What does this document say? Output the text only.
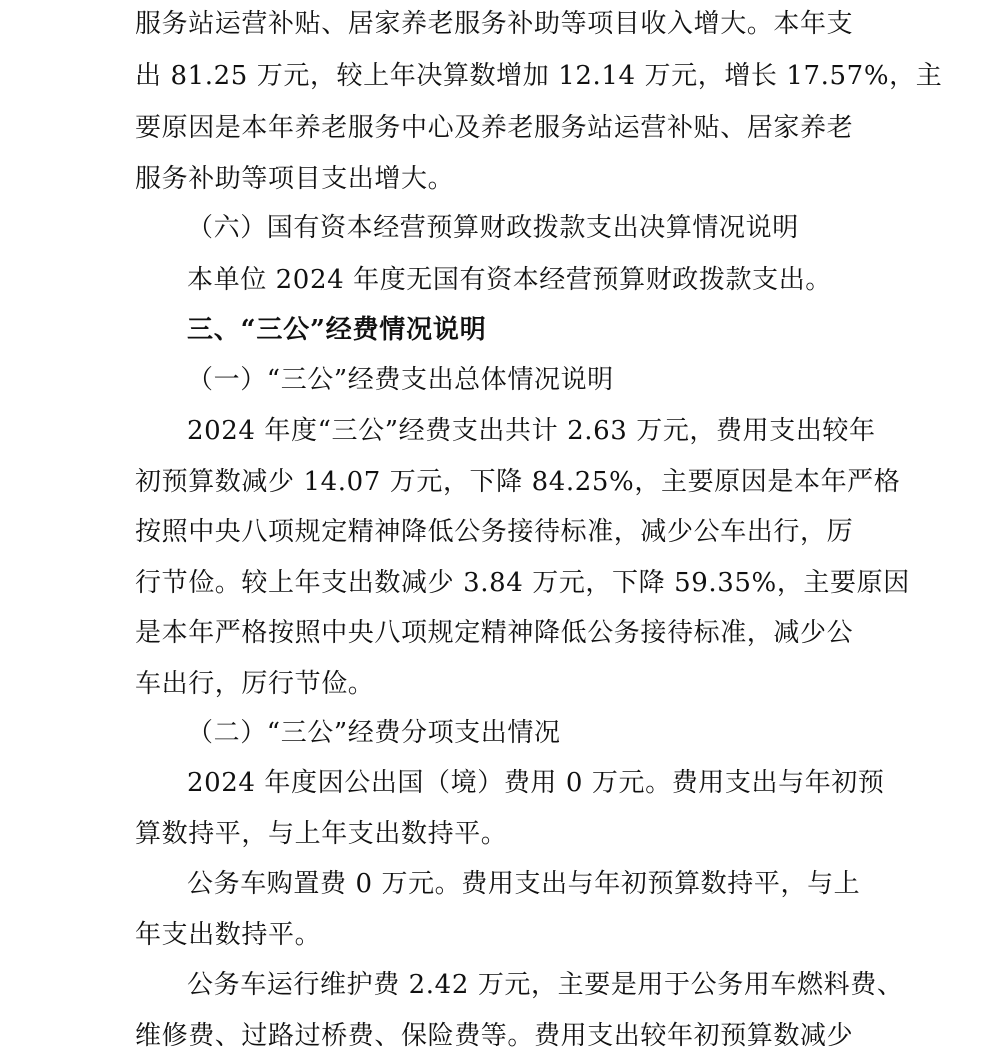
服务站运营补贴、居家养老服务补助等项目收入增大。本年支
出 81.25 万元，较上年决算数增加 12.14 万元，增长 17.57%，主
要原因是本年养老服务中心及养老服务站运营补贴、居家养老
服务补助等项目支出增大。
（六）国有资本经营预算财政拨款支出决算情况说明
本单位 2024 年度无国有资本经营预算财政拨款支出。
三、“三公”经费情况说明
（一）“三公”经费支出总体情况说明
2024 年度“三公”经费支出共计 2.63 万元，费用支出较年
初预算数减少 14.07 万元，下降 84.25%，主要原因是本年严格
按照中央八项规定精神降低公务接待标准，减少公车出行，厉
行节俭。较上年支出数减少 3.84 万元，下降 59.35%，主要原因
是本年严格按照中央八项规定精神降低公务接待标准，减少公
车出行，厉行节俭。
（二）“三公”经费分项支出情况
2024 年度因公出国（境）费用 0 万元。费用支出与年初预
算数持平，与上年支出数持平。
公务车购置费 0 万元。费用支出与年初预算数持平，与上
年支出数持平。
公务车运行维护费 2.42 万元，主要是用于公务用车燃料费、
维修费、过路过桥费、保险费等。费用支出较年初预算数减少
